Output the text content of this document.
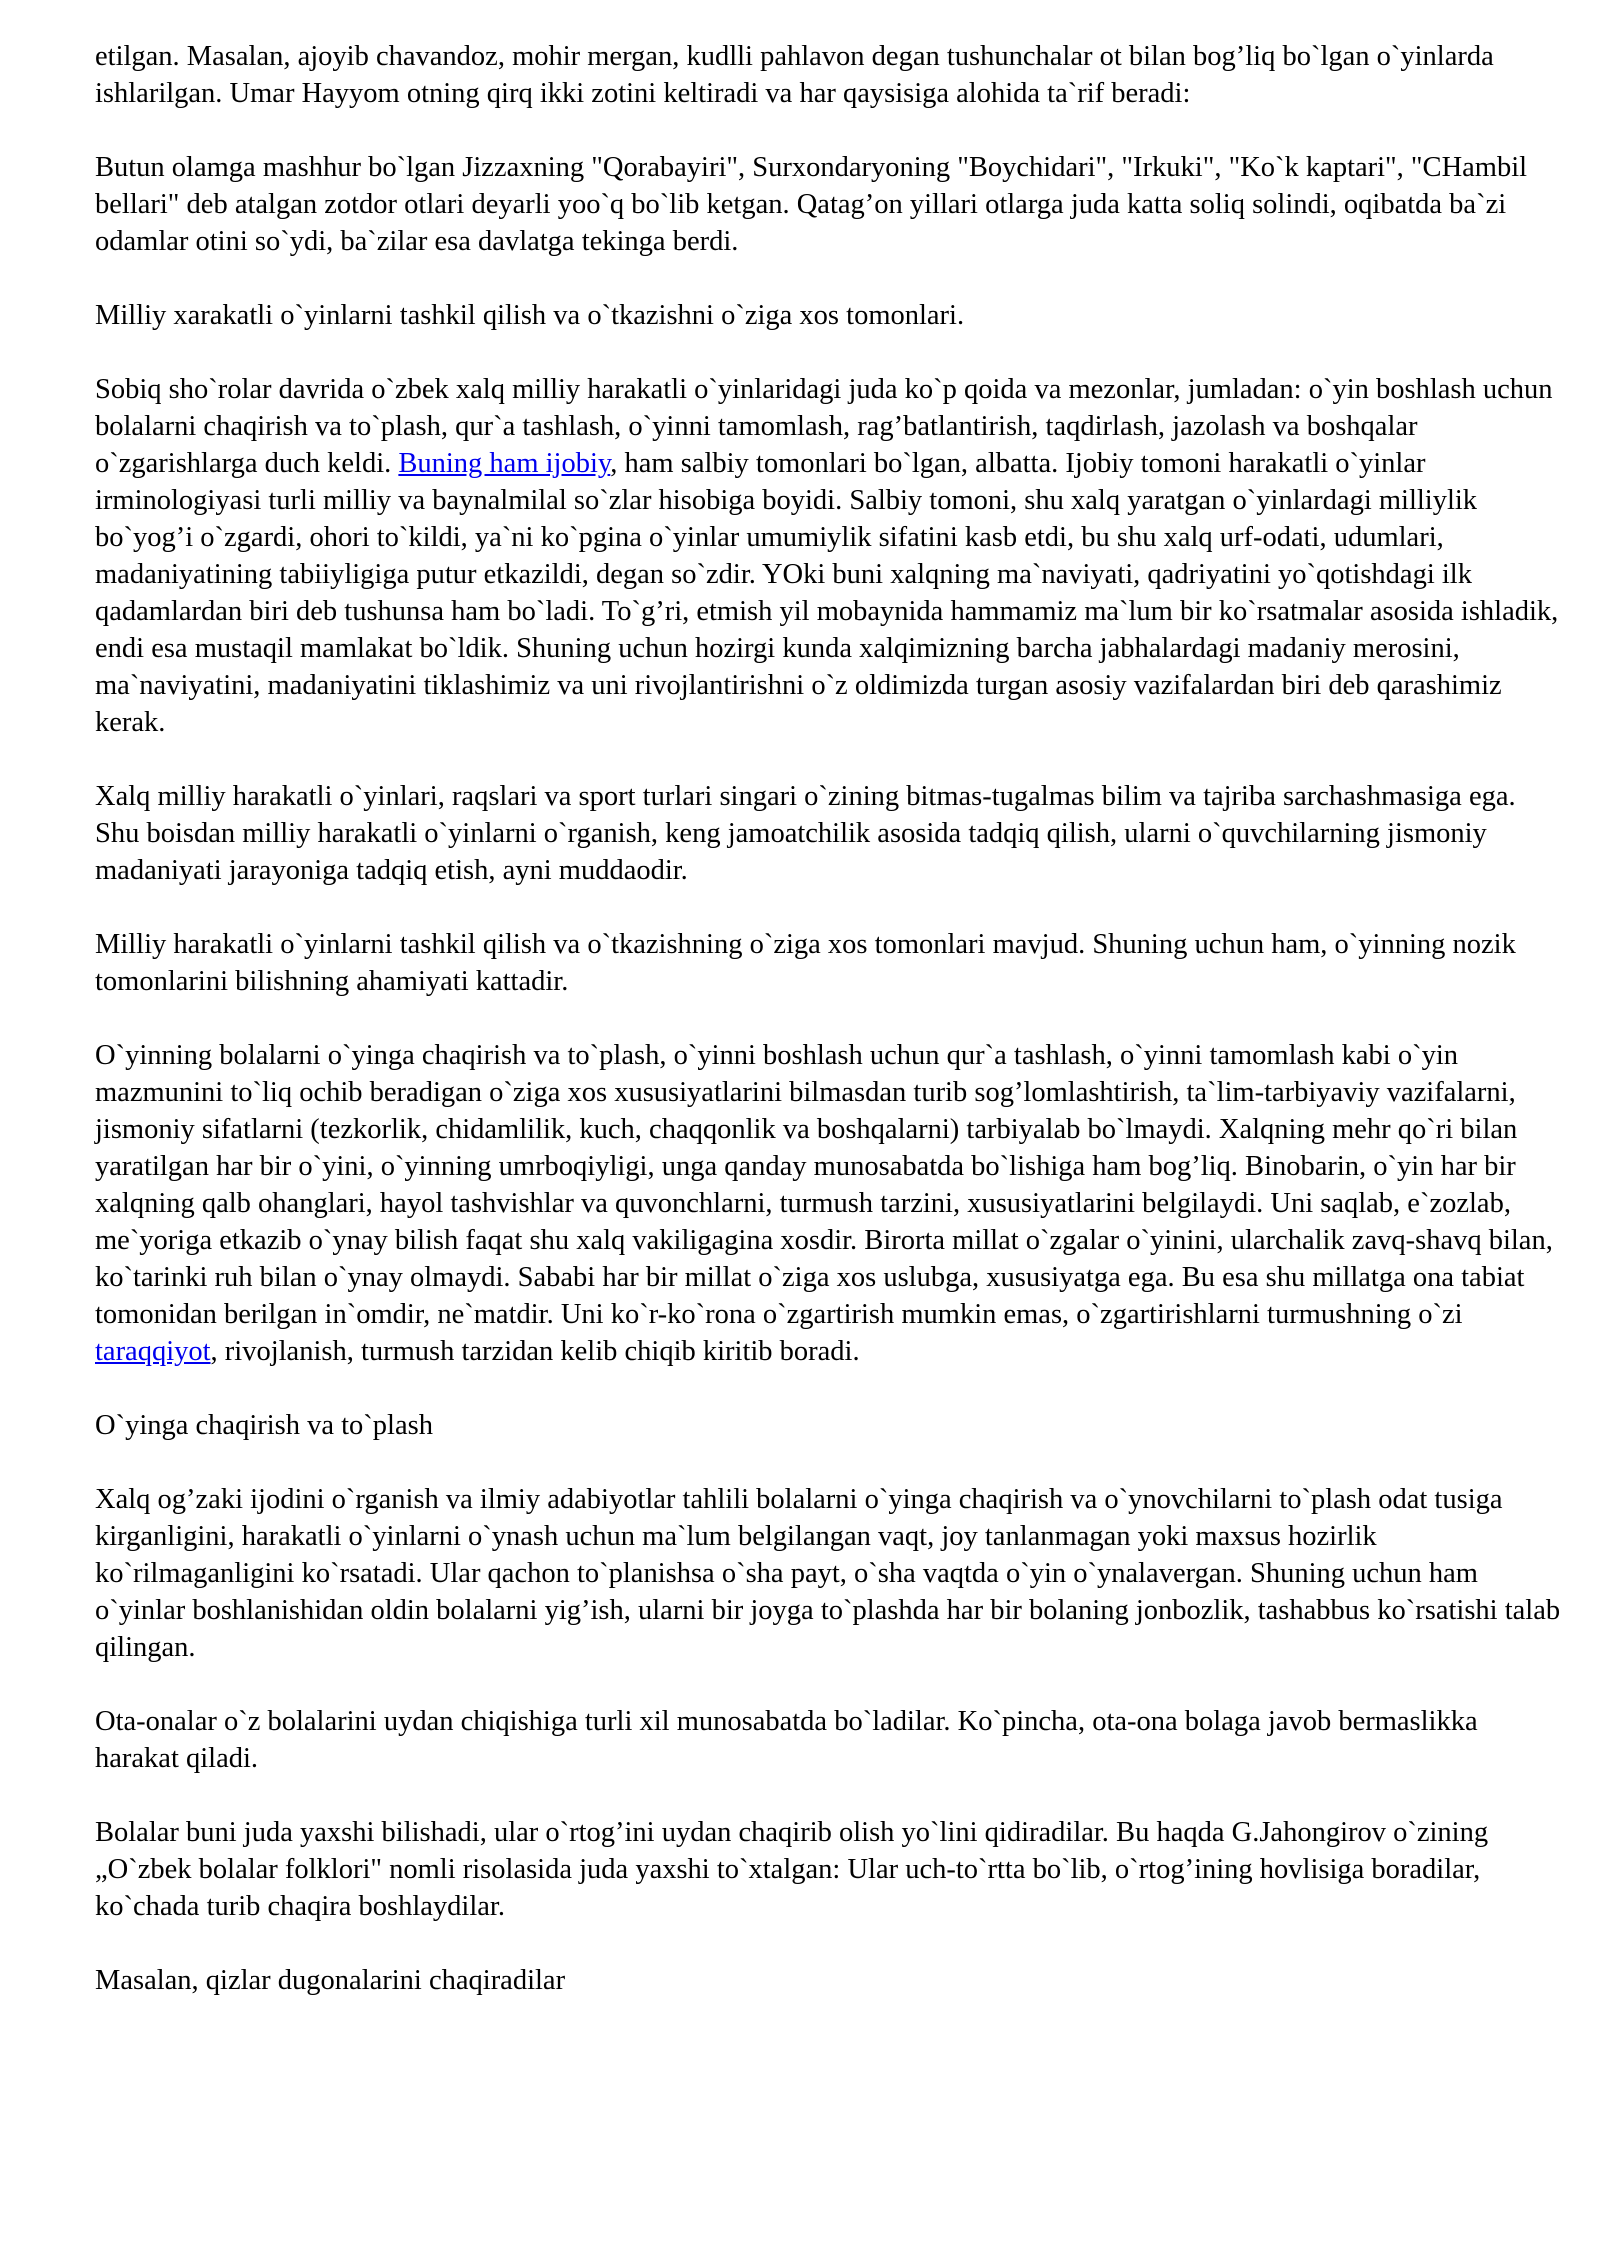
etilgan. Masalan, ajoyib chavandoz, mohir mergan, kudlli pahlavon degan tushunchalar ot bilan bog’liq bo`lgan o`yinlarda ishlarilgan. Umar Hayyom otning qirq ikki zotini keltiradi va har qaysisiga alohida ta`rif beradi:

Butun olamga mashhur bo`lgan Jizzaxning "Qorabayiri", Surxondaryoning "Boychidari", "Irkuki", "Ko`k kaptari", "CHambil bellari" deb atalgan zotdor otlari deyarli yoo`q bo`lib ketgan. Qatag’on yillari otlarga juda katta soliq solindi, oqibatda ba`zi odamlar otini so`ydi, ba`zilar esa davlatga tekinga berdi.

Milliy xarakatli o`yinlarni tashkil qilish va o`tkazishni o`ziga xos tomonlari.

Sobiq sho`rolar davrida o`zbek xalq milliy harakatli o`yinlaridagi juda ko`p qoida va mezonlar, jumladan: o`yin boshlash uchun bolalarni chaqirish va to`plash, qur`a tashlash, o`yinni tamomlash, rag’batlantirish, taqdirlash, jazolash va boshqalar o`zgarishlarga duch keldi. Buning ham ijobiy, ham salbiy tomonlari bo`lgan, albatta. Ijobiy tomoni harakatli o`yinlar irminologiyasi turli milliy va baynalmilal so`zlar hisobiga boyidi. Salbiy tomoni, shu xalq yaratgan o`yinlardagi milliylik bo`yog’i o`zgardi, ohori to`kildi, ya`ni ko`pgina o`yinlar umumiylik sifatini kasb etdi, bu shu xalq urf-odati, udumlari, madaniyatining tabiiyligiga putur etkazildi, degan so`zdir. YOki buni xalqning ma`naviyati, qadriyatini yo`qotishdagi ilk qadamlardan biri deb tushunsa ham bo`ladi. To`g’ri, etmish yil mobaynida hammamiz ma`lum bir ko`rsatmalar asosida ishladik, endi esa mustaqil mamlakat bo`ldik. Shuning uchun hozirgi kunda xalqimizning barcha jabhalardagi madaniy merosini, ma`naviyatini, madaniyatini tiklashimiz va uni rivojlantirishni o`z oldimizda turgan asosiy vazifalardan biri deb qarashimiz kerak.

Xalq milliy harakatli o`yinlari, raqslari va sport turlari singari o`zining bitmas-tugalmas bilim va tajriba sarchashmasiga ega. Shu boisdan milliy harakatli o`yinlarni o`rganish, keng jamoatchilik asosida tadqiq qilish, ularni o`quvchilarning jismoniy madaniyati jarayoniga tadqiq etish, ayni muddaodir.

Milliy harakatli o`yinlarni tashkil qilish va o`tkazishning o`ziga xos tomonlari mavjud. Shuning uchun ham, o`yinning nozik tomonlarini bilishning ahamiyati kattadir.

O`yinning bolalarni o`yinga chaqirish va to`plash, o`yinni boshlash uchun qur`a tashlash, o`yinni tamomlash kabi o`yin mazmunini to`liq ochib beradigan o`ziga xos xususiyatlarini bilmasdan turib sog’lomlashtirish, ta`lim-tarbiyaviy vazifalarni, jismoniy sifatlarni (tezkorlik, chidamlilik, kuch, chaqqonlik va boshqalarni) tarbiyalab bo`lmaydi. Xalqning mehr qo`ri bilan yaratilgan har bir o`yini, o`yinning umrboqiyligi, unga qanday munosabatda bo`lishiga ham bog’liq. Binobarin, o`yin har bir xalqning qalb ohanglari, hayol tashvishlar va quvonchlarni, turmush tarzini, xususiyatlarini belgilaydi. Uni saqlab, e`zozlab, me`yoriga etkazib o`ynay bilish faqat shu xalq vakiligagina xosdir. Birorta millat o`zgalar o`yinini, ularchalik zavq-shavq bilan, ko`tarinki ruh bilan o`ynay olmaydi. Sababi har bir millat o`ziga xos uslubga, xususiyatga ega. Bu esa shu millatga ona tabiat tomonidan berilgan in`omdir, ne`matdir. Uni ko`r-ko`rona o`zgartirish mumkin emas, o`zgartirishlarni turmushning o`zi taraqqiyot, rivojlanish, turmush tarzidan kelib chiqib kiritib boradi.

O`yinga chaqirish va to`plash

Xalq og’zaki ijodini o`rganish va ilmiy adabiyotlar tahlili bolalarni o`yinga chaqirish va o`ynovchilarni to`plash odat tusiga kirganligini, harakatli o`yinlarni o`ynash uchun ma`lum belgilangan vaqt, joy tanlanmagan yoki maxsus hozirlik ko`rilmaganligini ko`rsatadi. Ular qachon to`planishsa o`sha payt, o`sha vaqtda o`yin o`ynalavergan. Shuning uchun ham o`yinlar boshlanishidan oldin bolalarni yig’ish, ularni bir joyga to`plashda har bir bolaning jonbozlik, tashabbus ko`rsatishi talab qilingan.

Ota-onalar o`z bolalarini uydan chiqishiga turli xil munosabatda bo`ladilar. Ko`pincha, ota-ona bolaga javob bermaslikka harakat qiladi.

Bolalar buni juda yaxshi bilishadi, ular o`rtog’ini uydan chaqirib olish yo`lini qidiradilar. Bu haqda G.Jahongirov o`zining „O`zbek bolalar folklori" nomli risolasida juda yaxshi to`xtalgan: Ular uch-to`rtta bo`lib, o`rtog’ining hovlisiga boradilar, ko`chada turib chaqira boshlaydilar.

Masalan, qizlar dugonalarini chaqiradilar
